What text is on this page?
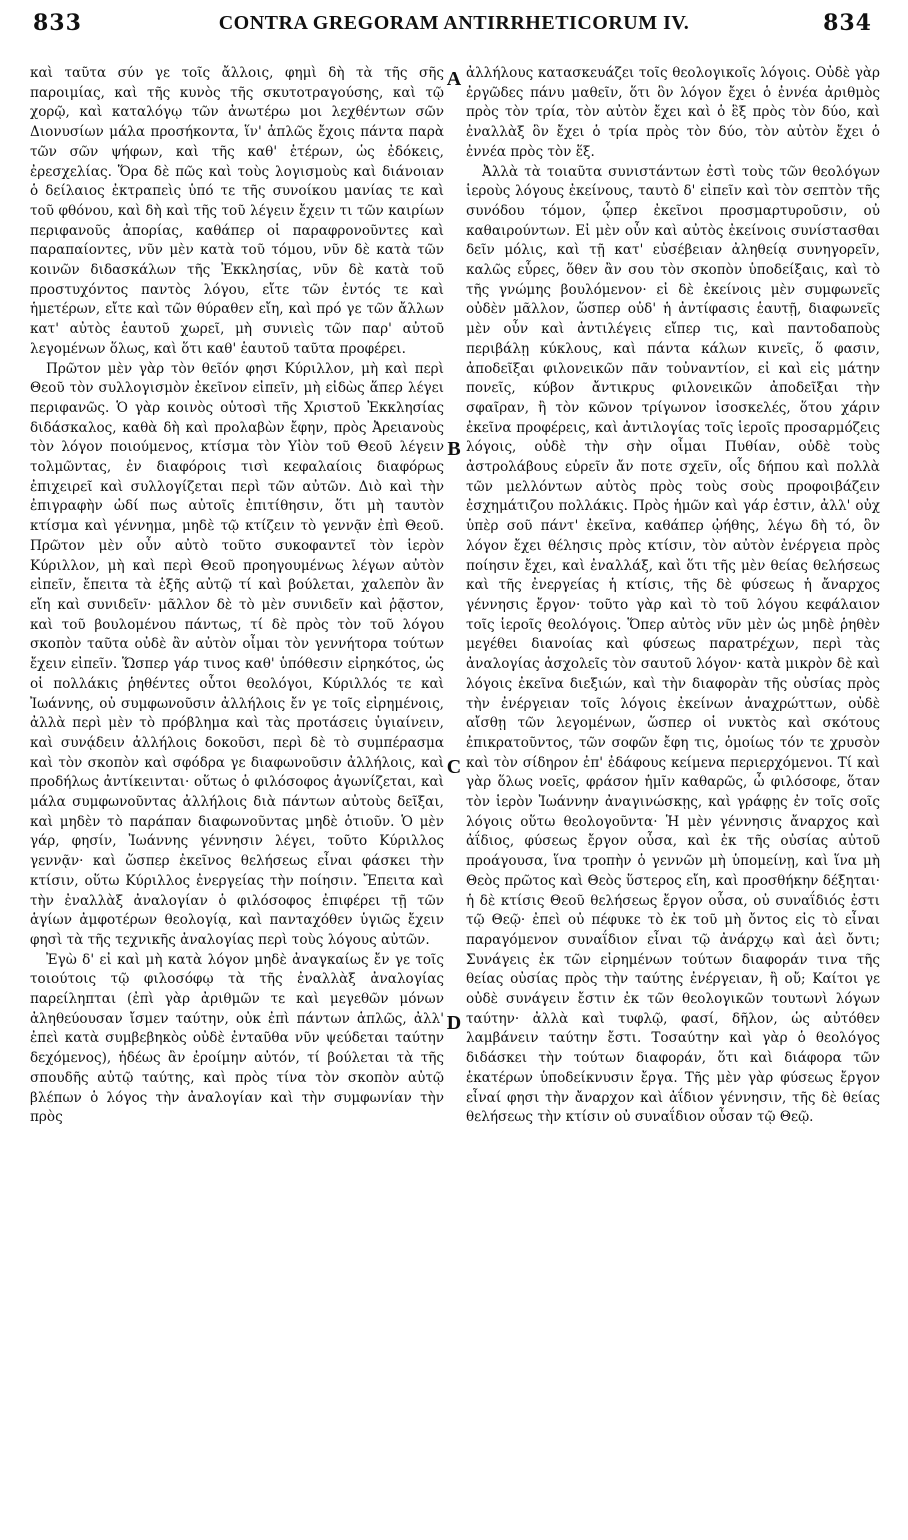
833	CONTRA GREGORAM ANTIRRHETICORUM IV.	834

καὶ ταῦτα σύν γε τοῖς ἄλλοις, φημὶ δὴ τὰ τῆς σῆς παροιμίας, καὶ τῆς κυνὸς τῆς σκυτοτραγούσης, καὶ τῷ χορῷ, καὶ καταλόγῳ τῶν ἀνωτέρω μοι λεχθέντων σῶν Διονυσίων μάλα προσήκοντα, ἵν' ἁπλῶς ἔχοις πάντα παρὰ τῶν σῶν ψήφων, καὶ τῆς καθ' ἑτέρων, ὡς ἐδόκεις, ἐρεσχελίας. Ὅρα δὲ πῶς καὶ τοὺς λογισμοὺς καὶ διάνοιαν ὁ δείλαιος ἐκτραπεὶς ὑπό τε τῆς συνοίκου μανίας τε καὶ τοῦ φθόνου, καὶ δὴ καὶ τῆς τοῦ λέγειν ἔχειν τι τῶν καιρίων περιφανοῦς ἀπορίας, καθάπερ οἱ παραφρονοῦντες καὶ παραπαίοντες, νῦν μὲν κατὰ τοῦ τόμου, νῦν δὲ κατὰ τῶν κοινῶν διδασκάλων τῆς Ἐκκλησίας, νῦν δὲ κατὰ τοῦ προστυχόντος παντὸς λόγου, εἴτε τῶν ἐντός τε καὶ ἡμετέρων, εἴτε καὶ τῶν θύραθεν εἴη, καὶ πρό γε τῶν ἄλλων κατ' αὐτὸς ἑαυτοῦ χωρεῖ, μὴ συνιεὶς τῶν παρ' αὐτοῦ λεγομένων ὅλως, καὶ ὅτι καθ' ἑαυτοῦ ταῦτα προφέρει.

Πρῶτον μὲν γὰρ τὸν θεῖόν φησι Κύριλλον, μὴ καὶ περὶ Θεοῦ τὸν συλλογισμὸν ἐκεῖνον εἰπεῖν, μὴ εἰδὼς ἅπερ λέγει περιφανῶς. Ὁ γὰρ κοινὸς οὑτοσὶ τῆς Χριστοῦ Ἐκκλησίας διδάσκαλος, καθὰ δὴ καὶ προλαβὼν ἔφην, πρὸς Ἀρειανοὺς τὸν λόγον ποιούμενος, κτίσμα τὸν Υἱὸν τοῦ Θεοῦ λέγειν τολμῶντας, ἐν διαφόροις τισὶ κεφαλαίοις διαφόρως ἐπιχειρεῖ καὶ συλλογίζεται περὶ τῶν αὐτῶν. Διὸ καὶ τὴν ἐπιγραφὴν ὡδί πως αὐτοῖς ἐπιτίθησιν, ὅτι μὴ ταυτὸν κτίσμα καὶ γέννημα, μηδὲ τῷ κτίζειν τὸ γεννᾷν ἐπὶ Θεοῦ. Πρῶτον μὲν οὖν αὐτὸ τοῦτο συκοφαντεῖ τὸν ἱερὸν Κύριλλον, μὴ καὶ περὶ Θεοῦ προηγουμένως λέγων αὐτὸν εἰπεῖν, ἔπειτα τὰ ἑξῆς αὐτῷ τί καὶ βούλεται, χαλεπὸν ἂν εἴη καὶ συνιδεῖν· μᾶλλον δὲ τὸ μὲν συνιδεῖν καὶ ῥᾷστον, καὶ τοῦ βουλομένου πάντως, τί δὲ πρὸς τὸν τοῦ λόγου σκοπὸν ταῦτα οὐδὲ ἂν αὐτὸν οἶμαι τὸν γεννήτορα τούτων ἔχειν εἰπεῖν. Ὥσπερ γάρ τινος καθ' ὑπόθεσιν εἰρηκότος, ὡς οἱ πολλάκις ῥηθέντες οὗτοι θεολόγοι, Κύριλλός τε καὶ Ἰωάννης, οὐ συμφωνοῦσιν ἀλλήλοις ἔν γε τοῖς εἰρημένοις, ἀλλὰ περὶ μὲν τὸ πρόβλημα καὶ τὰς προτάσεις ὑγιαίνειν, καὶ συνᾴδειν ἀλλήλοις δοκοῦσι, περὶ δὲ τὸ συμπέρασμα καὶ τὸν σκοπὸν καὶ σφόδρα γε διαφωνοῦσιν ἀλλήλοις, καὶ προδήλως ἀντίκεινται· οὕτως ὁ φιλόσοφος ἀγωνίζεται, καὶ μάλα συμφωνοῦντας ἀλλήλοις διὰ πάντων αὐτοὺς δεῖξαι, καὶ μηδὲν τὸ παράπαν διαφωνοῦντας μηδὲ ὁτιοῦν. Ὁ μὲν γάρ, φησίν, Ἰωάννης γέννησιν λέγει, τοῦτο Κύριλλος γεννᾷν· καὶ ὥσπερ ἐκεῖνος θελήσεως εἶναι φάσκει τὴν κτίσιν, οὕτω Κύριλλος ἐνεργείας τὴν ποίησιν. Ἔπειτα καὶ τὴν ἐναλλὰξ ἀναλογίαν ὁ φιλόσοφος ἐπιφέρει τῇ τῶν ἁγίων ἀμφοτέρων θεολογίᾳ, καὶ πανταχόθεν ὑγιῶς ἔχειν φησὶ τὰ τῆς τεχνικῆς ἀναλογίας περὶ τοὺς λόγους αὐτῶν.

Ἐγὼ δ' εἰ καὶ μὴ κατὰ λόγον μηδὲ ἀναγκαίως ἔν γε τοῖς τοιούτοις τῷ φιλοσόφῳ τὰ τῆς ἐναλλὰξ ἀναλογίας παρείληπται (ἐπὶ γὰρ ἀριθμῶν τε καὶ μεγεθῶν μόνων ἀληθεύουσαν ἴσμεν ταύτην, οὐκ ἐπὶ πάντων ἁπλῶς, ἀλλ' ἐπεὶ κατὰ συμβεβηκὸς οὐδὲ ἐνταῦθα νῦν ψεύδεται ταύτην δεχόμενος), ἡδέως ἂν ἐροίμην αὐτόν, τί βούλεται τὰ τῆς σπουδῆς αὐτῷ ταύτης, καὶ πρὸς τίνα τὸν σκοπὸν αὐτῷ βλέπων ὁ λόγος τὴν ἀναλογίαν καὶ τὴν συμφωνίαν τὴν πρὸς

A
B
C
D

ἀλλήλους κατασκευάζει τοῖς θεολογικοῖς λόγοις. Οὐδὲ γὰρ ἐργῶδες πάνυ μαθεῖν, ὅτι ὃν λόγον ἔχει ὁ ἐννέα ἀριθμὸς πρὸς τὸν τρία, τὸν αὐτὸν ἔχει καὶ ὁ ἓξ πρὸς τὸν δύο, καὶ ἐναλλὰξ ὃν ἔχει ὁ τρία πρὸς τὸν δύο, τὸν αὐτὸν ἔχει ὁ ἐννέα πρὸς τὸν ἕξ.

Ἀλλὰ τὰ τοιαῦτα συνιστάντων ἐστὶ τοὺς τῶν θεολόγων ἱεροὺς λόγους ἐκείνους, ταυτὸ δ' εἰπεῖν καὶ τὸν σεπτὸν τῆς συνόδου τόμον, ᾧπερ ἐκεῖνοι προσμαρτυροῦσιν, οὐ καθαιρούντων. Εἰ μὲν οὖν καὶ αὐτὸς ἐκείνοις συνίστασθαι δεῖν μόλις, καὶ τῇ κατ' εὐσέβειαν ἀληθείᾳ συνηγορεῖν, καλῶς εὗρες, ὅθεν ἂν σου τὸν σκοπὸν ὑποδείξαις, καὶ τὸ τῆς γνώμης βουλόμενον· εἰ δὲ ἐκείνοις μὲν συμφωνεῖς οὐδὲν μᾶλλον, ὥσπερ οὐδ' ἡ ἀντίφασις ἑαυτῇ, διαφωνεῖς μὲν οὖν καὶ ἀντιλέγεις εἴπερ τις, καὶ παντοδαποὺς περιβάλῃ κύκλους, καὶ πάντα κάλων κινεῖς, ὅ φασιν, ἀποδεῖξαι φιλονεικῶν πᾶν τοὐναντίον, εἰ καὶ εἰς μάτην πονεῖς, κύβον ἄντικρυς φιλονεικῶν ἀποδεῖξαι τὴν σφαῖραν, ἢ τὸν κῶνον τρίγωνον ἰσοσκελές, ὅτου χάριν ἐκεῖνα προφέρεις, καὶ ἀντιλογίας τοῖς ἱεροῖς προσαρμόζεις λόγοις, οὐδὲ τὴν σὴν οἶμαι Πυθίαν, οὐδὲ τοὺς ἀστρολάβους εὑρεῖν ἄν ποτε σχεῖν, οἷς δήπου καὶ πολλὰ τῶν μελλόντων αὐτὸς πρὸς τοὺς σοὺς προφοιβάζειν ἐσχημάτιζου πολλάκις. Πρὸς ἡμῶν καὶ γάρ ἐστιν, ἀλλ' οὐχ ὑπὲρ σοῦ πάντ' ἐκεῖνα, καθάπερ ᾠήθης, λέγω δὴ τό, ὃν λόγον ἔχει θέλησις πρὸς κτίσιν, τὸν αὐτὸν ἐνέργεια πρὸς ποίησιν ἔχει, καὶ ἐναλλάξ, καὶ ὅτι τῆς μὲν θείας θελήσεως καὶ τῆς ἐνεργείας ἡ κτίσις, τῆς δὲ φύσεως ἡ ἄναρχος γέννησις ἔργον· τοῦτο γὰρ καὶ τὸ τοῦ λόγου κεφάλαιον τοῖς ἱεροῖς θεολόγοις. Ὅπερ αὐτὸς νῦν μὲν ὡς μηδὲ ῥηθὲν μεγέθει διανοίας καὶ φύσεως παρατρέχων, περὶ τὰς ἀναλογίας ἀσχολεῖς τὸν σαυτοῦ λόγον· κατὰ μικρὸν δὲ καὶ λόγοις ἐκεῖνα διεξιών, καὶ τὴν διαφορὰν τῆς οὐσίας πρὸς τὴν ἐνέργειαν τοῖς λόγοις ἐκείνων ἀναχρώττων, οὐδὲ αἴσθῃ τῶν λεγομένων, ὥσπερ οἱ νυκτὸς καὶ σκότους ἐπικρατοῦντος, τῶν σοφῶν ἔφη τις, ὁμοίως τόν τε χρυσὸν καὶ τὸν σίδηρον ἐπ' ἐδάφους κείμενα περιερχόμενοι. Τί καὶ γὰρ ὅλως νοεῖς, φράσον ἡμῖν καθαρῶς, ὦ φιλόσοφε, ὅταν τὸν ἱερὸν Ἰωάννην ἀναγινώσκῃς, καὶ γράφῃς ἐν τοῖς σοῖς λόγοις οὕτω θεολογοῦντα· Ἡ μὲν γέννησις ἄναρχος καὶ ἀΐδιος, φύσεως ἔργον οὖσα, καὶ ἐκ τῆς οὐσίας αὐτοῦ προάγουσα, ἵνα τροπὴν ὁ γεννῶν μὴ ὑπομείνῃ, καὶ ἵνα μὴ Θεὸς πρῶτος καὶ Θεὸς ὕστερος εἴη, καὶ προσθήκην δέξηται· ἡ δὲ κτίσις Θεοῦ θελήσεως ἔργον οὖσα, οὐ συναΐδιός ἐστι τῷ Θεῷ· ἐπεὶ οὐ πέφυκε τὸ ἐκ τοῦ μὴ ὄντος εἰς τὸ εἶναι παραγόμενον συναΐδιον εἶναι τῷ ἀνάρχῳ καὶ ἀεὶ ὄντι; Συνάγεις ἐκ τῶν εἰρημένων τούτων διαφοράν τινα τῆς θείας οὐσίας πρὸς τὴν ταύτης ἐνέργειαν, ἢ οὔ; Καίτοι γε οὐδὲ συνάγειν ἔστιν ἐκ τῶν θεολογικῶν τουτωνὶ λόγων ταύτην· ἀλλὰ καὶ τυφλῷ, φασί, δῆλον, ὡς αὐτόθεν λαμβάνειν ταύτην ἔστι. Τοσαύτην καὶ γὰρ ὁ θεολόγος διδάσκει τὴν τούτων διαφοράν, ὅτι καὶ διάφορα τῶν ἑκατέρων ὑποδείκνυσιν ἔργα. Τῆς μὲν γὰρ φύσεως ἔργον εἶναί φησι τὴν ἄναρχον καὶ ἀΐδιον γέννησιν, τῆς δὲ θείας θελήσεως τὴν κτίσιν οὐ συναΐδιον οὖσαν τῷ Θεῷ.
